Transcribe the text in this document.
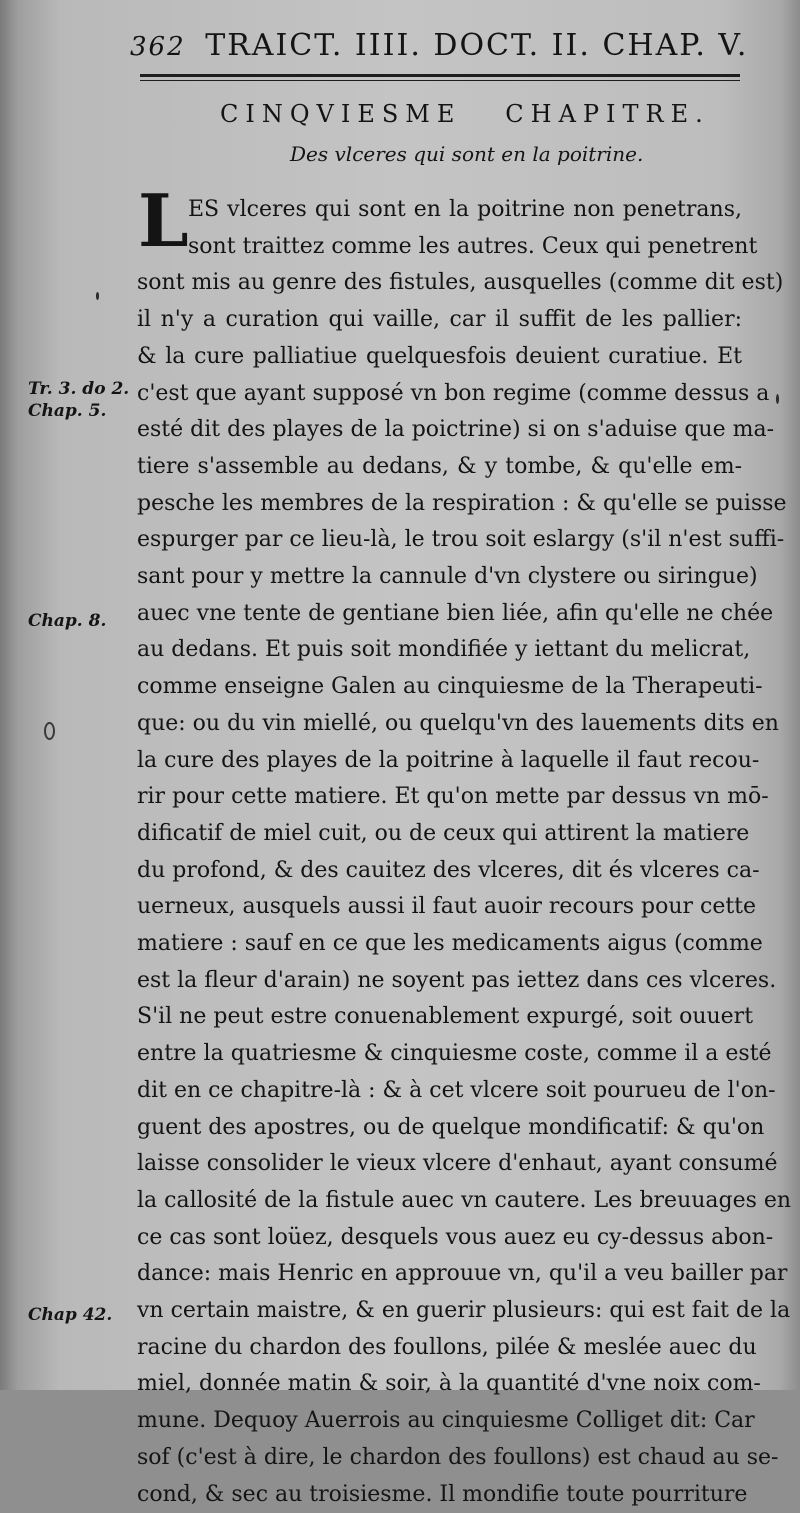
362 TRAICT. IIII. DOCT. II. CHAP. V.
CINQVIESME CHAPITRE.
Des vlceres qui sont en la poitrine.
L ES vlceres qui sont en la poitrine non penetrans,
sont traittez comme les autres. Ceux qui penetrent
sont mis au genre des fistules, ausquelles (comme dit est)
il n'y a curation qui vaille, car il suffit de les pallier:
& la cure palliatiue quelquesfois deuient curatiue. Et
c'est que ayant supposé vn bon regime (comme dessus a
esté dit des playes de la poictrine) si on s'aduise que ma-
tiere s'assemble au dedans, & y tombe, & qu'elle em-
pesche les membres de la respiration : & qu'elle se puisse
espurger par ce lieu-là, le trou soit eslargy (s'il n'est suffi-
sant pour y mettre la cannule d'vn clystere ou siringue)
auec vne tente de gentiane bien liée, afin qu'elle ne chée
au dedans. Et puis soit mondifiée y iettant du melicrat,
comme enseigne Galen au cinquiesme de la Therapeuti-
que: ou du vin miellé, ou quelqu'vn des lauements dits en
la cure des playes de la poitrine à laquelle il faut recou-
rir pour cette matiere. Et qu'on mette par dessus vn mō-
dificatif de miel cuit, ou de ceux qui attirent la matiere
du profond, & des cauitez des vlceres, dit és vlceres ca-
uerneux, ausquels aussi il faut auoir recours pour cette
matiere : sauf en ce que les medicaments aigus (comme
est la fleur d'arain) ne soyent pas iettez dans ces vlceres.
S'il ne peut estre conuenablement expurgé, soit ouuert
entre la quatriesme & cinquiesme coste, comme il a esté
dit en ce chapitre-là : & à cet vlcere soit pourueu de l'on-
guent des apostres, ou de quelque mondificatif: & qu'on
laisse consolider le vieux vlcere d'enhaut, ayant consumé
la callosité de la fistule auec vn cautere. Les breuuages en
ce cas sont loüez, desquels vous auez eu cy-dessus abon-
dance: mais Henric en approuue vn, qu'il a veu bailler par
vn certain maistre, & en guerir plusieurs: qui est fait de la
racine du chardon des foullons, pilée & meslée auec du
miel, donnée matin & soir, à la quantité d'vne noix com-
mune. Dequoy Auerrois au cinquiesme Colliget dit: Car
sof (c'est à dire, le chardon des foullons) est chaud au se-
cond, & sec au troisiesme. Il mondifie toute pourriture
Tr. 3. do 2.
Chap. 5.
Chap. 8.
Chap 42.
